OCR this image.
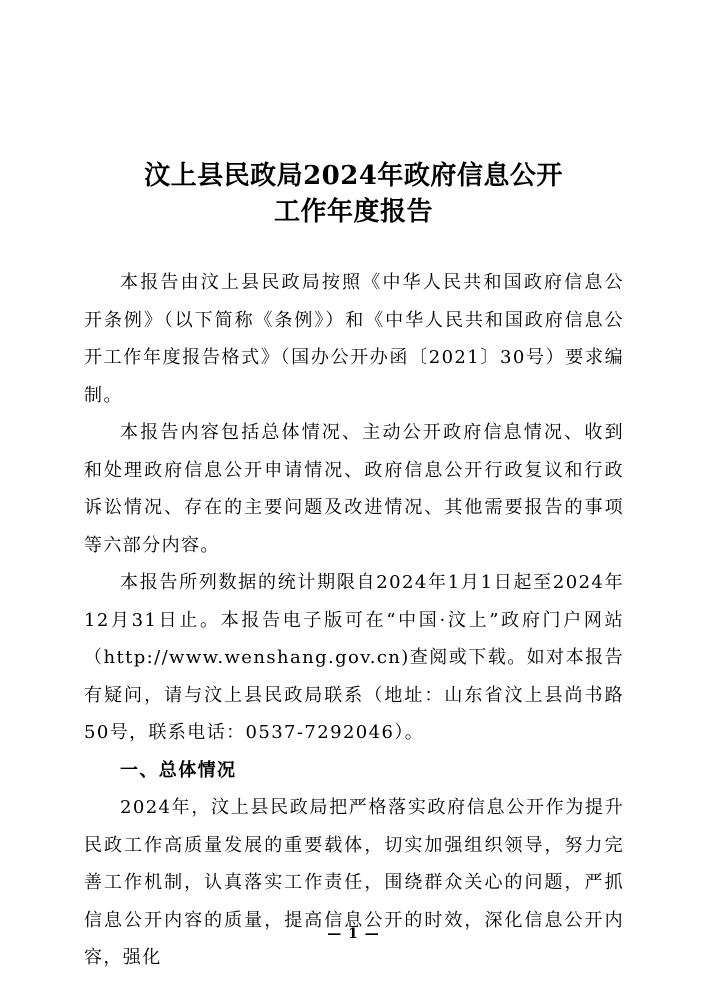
汶上县民政局2024年政府信息公开
工作年度报告

本报告由汶上县民政局按照《中华人民共和国政府信息公开条例》（以下简称《条例》）和《中华人民共和国政府信息公开工作年度报告格式》（国办公开办函〔2021〕30号）要求编制。

本报告内容包括总体情况、主动公开政府信息情况、收到和处理政府信息公开申请情况、政府信息公开行政复议和行政诉讼情况、存在的主要问题及改进情况、其他需要报告的事项等六部分内容。

本报告所列数据的统计期限自2024年1月1日起至2024年12月31日止。本报告电子版可在“中国·汶上”政府门户网站（http://www.wenshang.gov.cn)查阅或下载。如对本报告有疑问，请与汶上县民政局联系（地址：山东省汶上县尚书路50号，联系电话：0537-7292046）。

一、总体情况

2024年，汶上县民政局把严格落实政府信息公开作为提升民政工作高质量发展的重要载体，切实加强组织领导，努力完善工作机制，认真落实工作责任，围绕群众关心的问题，严抓信息公开内容的质量，提高信息公开的时效，深化信息公开内容，强化

— 1 —
